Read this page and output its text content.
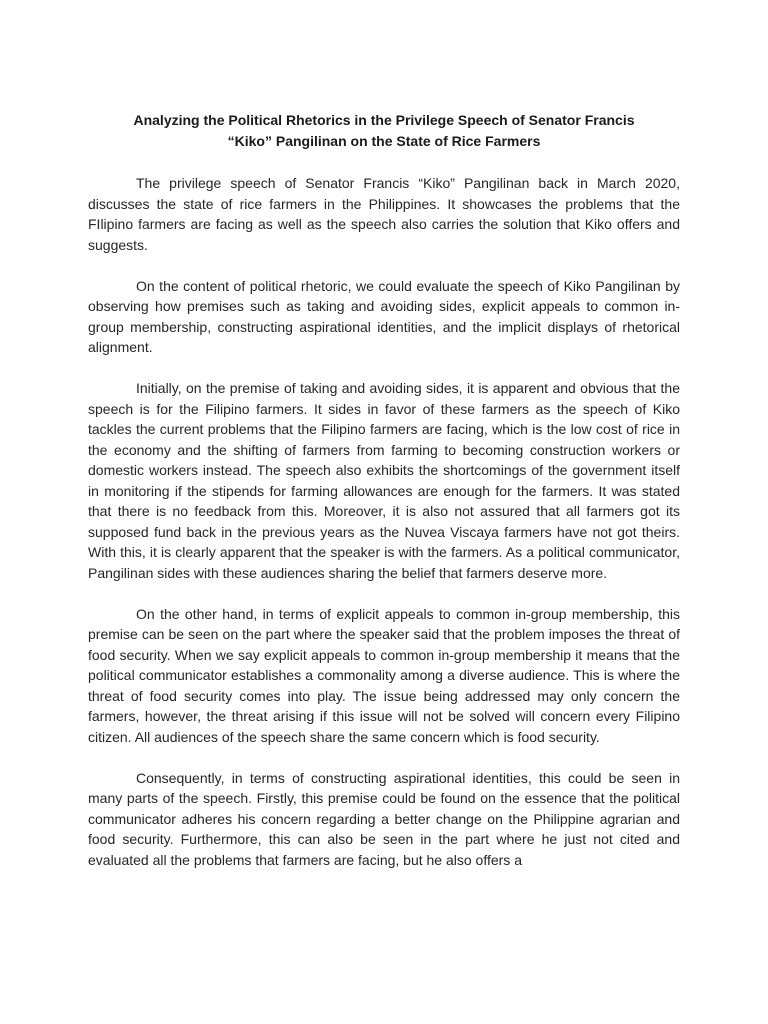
Analyzing the Political Rhetorics in the Privilege Speech of Senator Francis
“Kiko” Pangilinan on the State of Rice Farmers

The privilege speech of Senator Francis “Kiko” Pangilinan back in March 2020, discusses the state of rice farmers in the Philippines. It showcases the problems that the FIlipino farmers are facing as well as the speech also carries the solution that Kiko offers and suggests.

On the content of political rhetoric, we could evaluate the speech of Kiko Pangilinan by observing how premises such as taking and avoiding sides, explicit appeals to common in-group membership, constructing aspirational identities, and the implicit displays of rhetorical alignment.

Initially, on the premise of taking and avoiding sides, it is apparent and obvious that the speech is for the Filipino farmers. It sides in favor of these farmers as the speech of Kiko tackles the current problems that the Filipino farmers are facing, which is the low cost of rice in the economy and the shifting of farmers from farming to becoming construction workers or domestic workers instead. The speech also exhibits the shortcomings of the government itself in monitoring if the stipends for farming allowances are enough for the farmers. It was stated that there is no feedback from this. Moreover, it is also not assured that all farmers got its supposed fund back in the previous years as the Nuvea Viscaya farmers have not got theirs. With this, it is clearly apparent that the speaker is with the farmers. As a political communicator, Pangilinan sides with these audiences sharing the belief that farmers deserve more.

On the other hand, in terms of explicit appeals to common in-group membership, this premise can be seen on the part where the speaker said that the problem imposes the threat of food security. When we say explicit appeals to common in-group membership it means that the political communicator establishes a commonality among a diverse audience. This is where the threat of food security comes into play. The issue being addressed may only concern the farmers, however, the threat arising if this issue will not be solved will concern every Filipino citizen. All audiences of the speech share the same concern which is food security.

Consequently, in terms of constructing aspirational identities, this could be seen in many parts of the speech. Firstly, this premise could be found on the essence that the political communicator adheres his concern regarding a better change on the Philippine agrarian and food security. Furthermore, this can also be seen in the part where he just not cited and evaluated all the problems that farmers are facing, but he also offers a
